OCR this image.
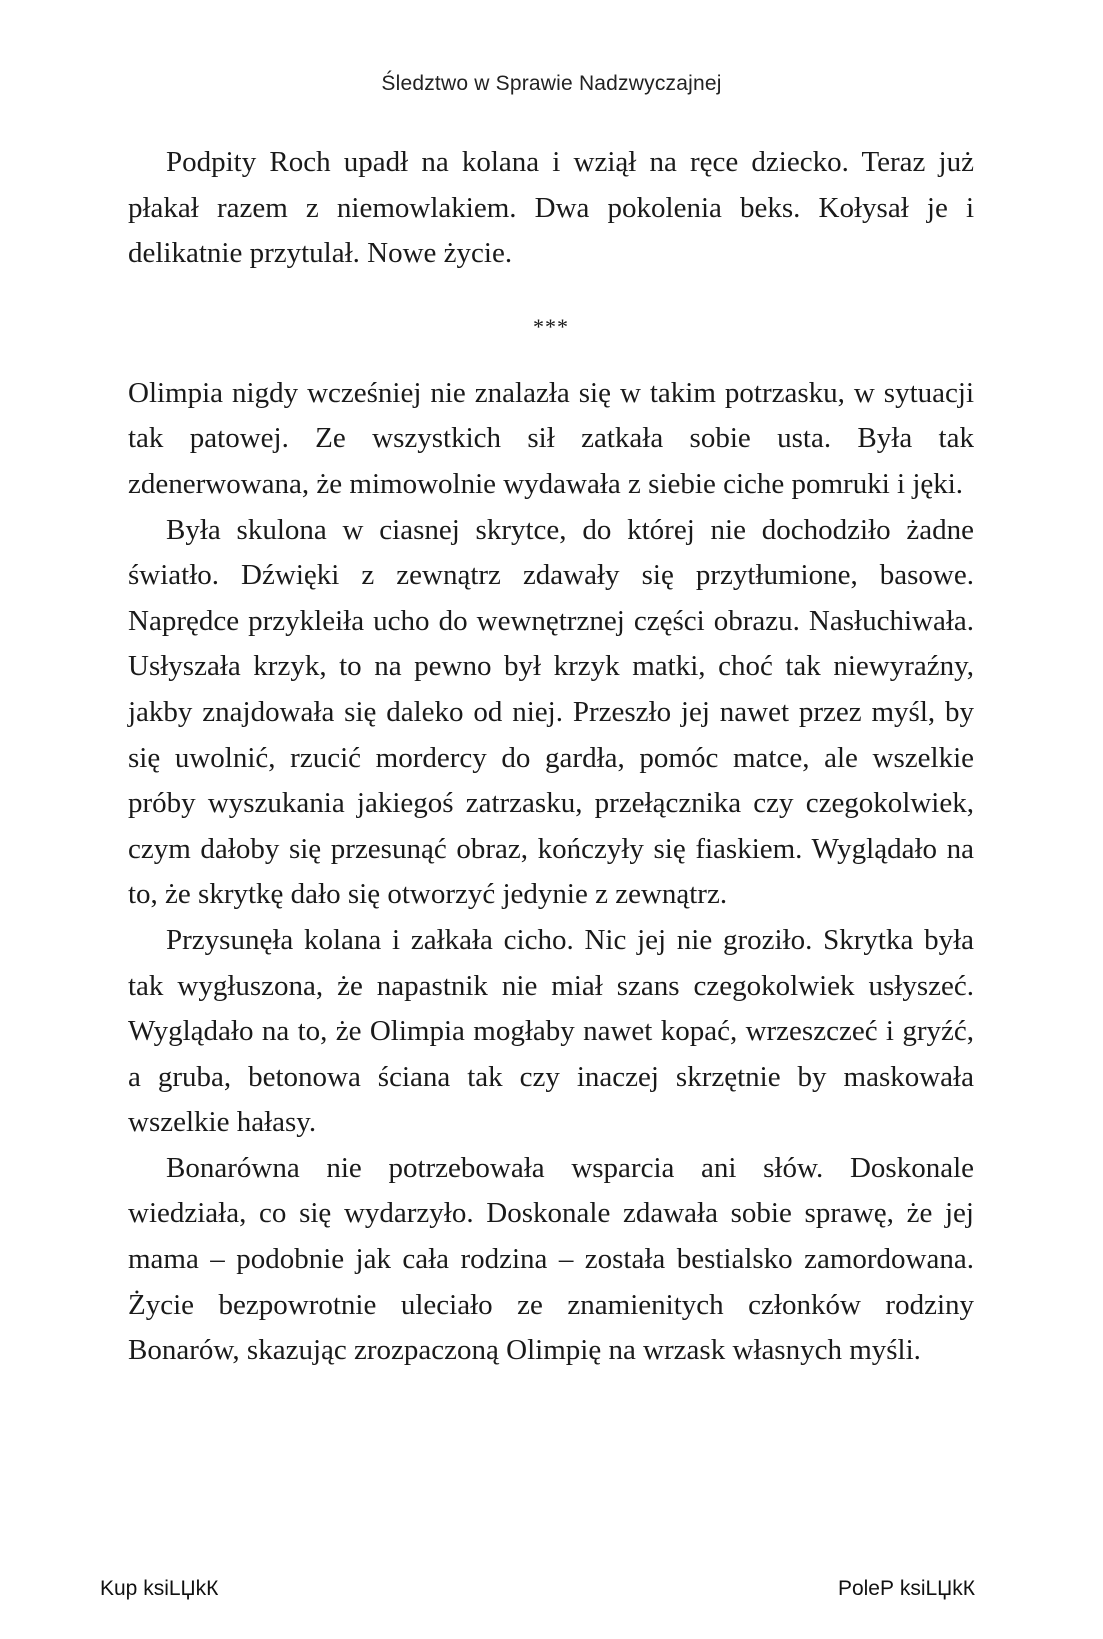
Śledztwo w Sprawie Nadzwyczajnej

Podpity Roch upadł na kolana i wziął na ręce dziecko. Teraz już płakał razem z niemowlakiem. Dwa pokolenia beks. Kołysał je i delikatnie przytulał. Nowe życie.

***

Olimpia nigdy wcześniej nie znalazła się w takim potrzasku, w sytuacji tak patowej. Ze wszystkich sił zatkała sobie usta. Była tak zdenerwowana, że mimowolnie wydawała z siebie ciche pomruki i jęki.

Była skulona w ciasnej skrytce, do której nie dochodziło żadne światło. Dźwięki z zewnątrz zdawały się przytłumione, basowe. Naprędce przykleiła ucho do wewnętrznej części obrazu. Nasłuchiwała. Usłyszała krzyk, to na pewno był krzyk matki, choć tak niewyraźny, jakby znajdowała się daleko od niej. Przeszło jej nawet przez myśl, by się uwolnić, rzucić mordercy do gardła, pomóc matce, ale wszelkie próby wyszukania jakiegoś zatrzasku, przełącznika czy czegokolwiek, czym dałoby się przesunąć obraz, kończyły się fiaskiem. Wyglądało na to, że skrytkę dało się otworzyć jedynie z zewnątrz.

Przysunęła kolana i załkała cicho. Nic jej nie groziło. Skrytka była tak wygłuszona, że napastnik nie miał szans czegokolwiek usłyszeć. Wyglądało na to, że Olimpia mogłaby nawet kopać, wrzeszczeć i gryźć, a gruba, betonowa ściana tak czy inaczej skrzętnie by maskowała wszelkie hałasy.

Bonarówna nie potrzebowała wsparcia ani słów. Doskonale wiedziała, co się wydarzyło. Doskonale zdawała sobie sprawę, że jej mama – podobnie jak cała rodzina – została bestialsko zamordowana. Życie bezpowrotnie uleciało ze znamienitych członków rodziny Bonarów, skazując zrozpaczoną Olimpię na wrzask własnych myśli.

Kup ksiLЏkК	PoleР ksiLЏkК
